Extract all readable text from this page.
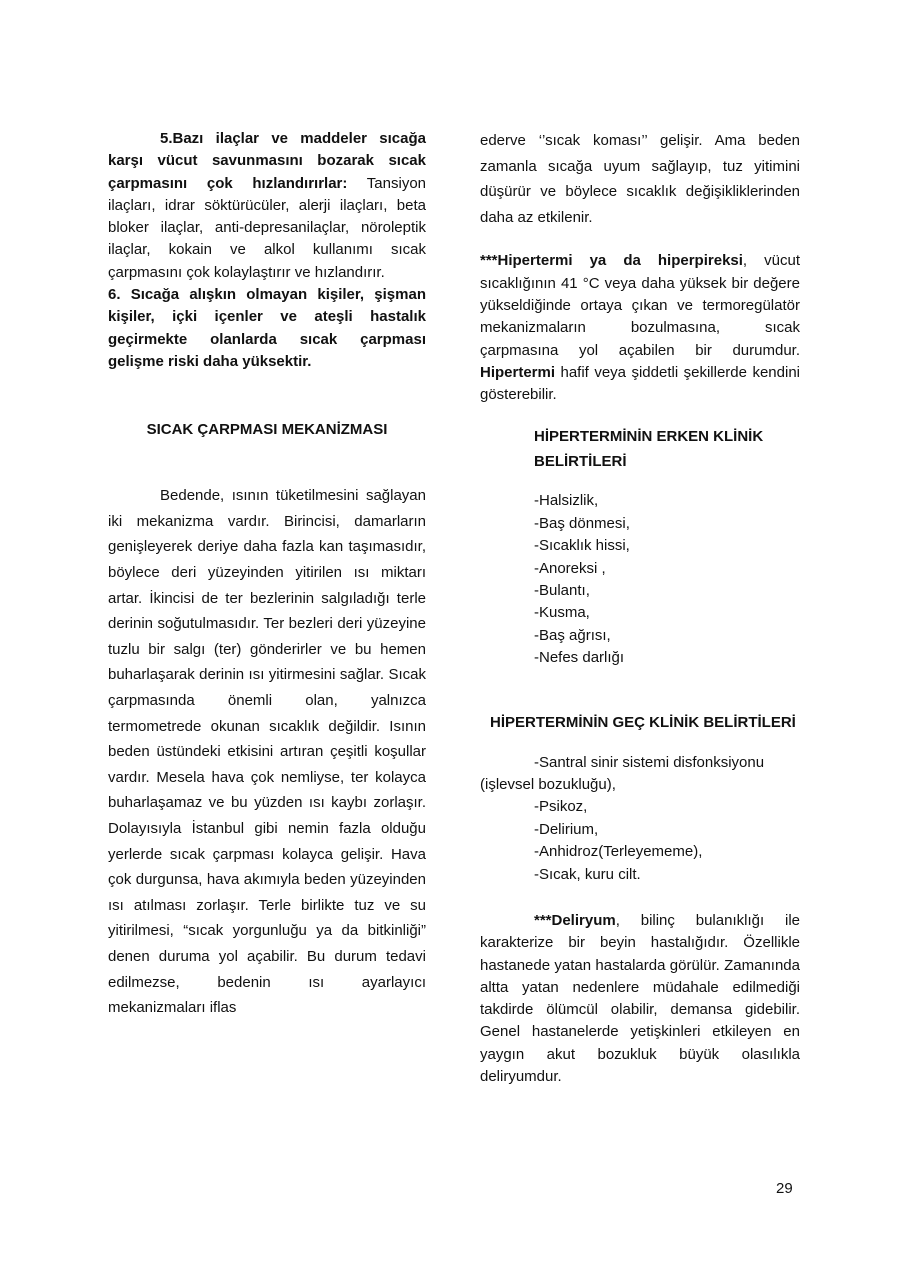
5.Bazı ilaçlar ve maddeler sıcağa karşı vücut savunmasını bozarak sıcak çarpmasını çok hızlandırırlar: Tansiyon ilaçları, idrar söktürücüler, alerji ilaçları, beta bloker ilaçlar, anti-depresanilaçlar, nöroleptik ilaçlar, kokain ve alkol kullanımı sıcak çarpmasını çok kolaylaştırır ve hızlandırır.

6. Sıcağa alışkın olmayan kişiler, şişman kişiler, içki içenler ve ateşli hastalık geçirmekte olanlarda sıcak çarpması gelişme riski daha yüksektir.

SICAK ÇARPMASI MEKANİZMASI

Bedende, ısının tüketilmesini sağlayan iki mekanizma vardır. Birincisi, damarların genişleyerek deriye daha fazla kan taşımasıdır, böylece deri yüzeyinden yitirilen ısı miktarı artar. İkincisi de ter bezlerinin salgıladığı terle derinin soğutulmasıdır. Ter bezleri deri yüzeyine tuzlu bir salgı (ter) gönderirler ve bu hemen buharlaşarak derinin ısı yitirmesini sağlar. Sıcak çarpmasında önemli olan, yalnızca termometrede okunan sıcaklık değildir. Isının beden üstündeki etkisini artıran çeşitli koşullar vardır. Mesela hava çok nemliyse, ter kolayca buharlaşamaz ve bu yüzden ısı kaybı zorlaşır. Dolayısıyla İstanbul gibi nemin fazla olduğu yerlerde sıcak çarpması kolayca gelişir. Hava çok durgunsa, hava akımıyla beden yüzeyinden ısı atılması zorlaşır. Terle birlikte tuz ve su yitirilmesi, “sıcak yorgunluğu ya da bitkinliği” denen duruma yol açabilir. Bu durum tedavi edilmezse, bedenin ısı ayarlayıcı mekanizmaları iflas

ederve ‘’sıcak koması’’ gelişir. Ama beden zamanla sıcağa uyum sağlayıp, tuz yitimini düşürür ve böylece sıcaklık değişikliklerinden daha az etkilenir.

***Hipertermi ya da hiperpireksi, vücut sıcaklığının 41 °C veya daha yüksek bir değere yükseldiğinde ortaya çıkan ve termoregülatör mekanizmaların bozulmasına, sıcak çarpmasına yol açabilen bir durumdur. Hipertermi hafif veya şiddetli şekillerde kendini gösterebilir.

HİPERTERMİNİN ERKEN KLİNİK BELİRTİLERİ
-Halsizlik,
-Baş dönmesi,
-Sıcaklık hissi,
-Anoreksi ,
-Bulantı,
-Kusma,
-Baş ağrısı,
-Nefes darlığı
HİPERTERMİNİN GEÇ KLİNİK BELİRTİLERİ

-Santral sinir sistemi disfonksiyonu (işlevsel bozukluğu),

-Psikoz,
-Delirium,
-Anhidroz(Terleyememe),
-Sıcak, kuru cilt.

***Deliryum, bilinç bulanıklığı ile karakterize bir beyin hastalığıdır. Özellikle hastanede yatan hastalarda görülür. Zamanında altta yatan nedenlere müdahale edilmediği takdirde ölümcül olabilir, demansa gidebilir. Genel hastanelerde yetişkinleri etkileyen en yaygın akut bozukluk büyük olasılıkla deliryumdur.

29
